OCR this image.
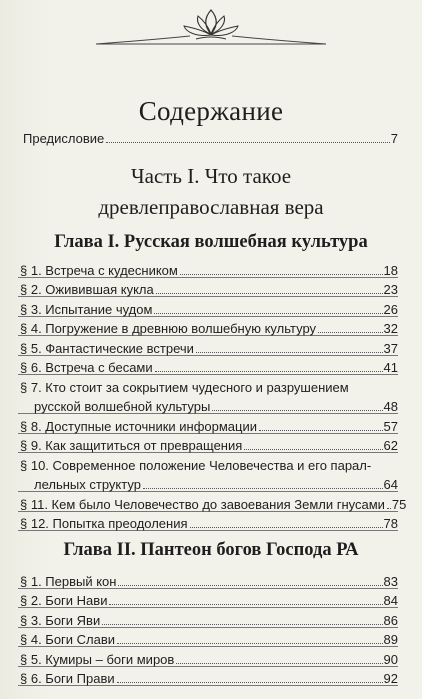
Содержание
Предисловие	7
Часть I. Что такое
древлеправославная вера
Глава I. Русская волшебная культура
§ 1. Встреча с кудесником	18
§ 2. Оживившая кукла	23
§ 3. Испытание чудом	26
§ 4. Погружение в древнюю волшебную культуру	32
§ 5. Фантастические встречи	37
§ 6. Встреча с бесами	41
§ 7. Кто стоит за сокрытием чудесного и разрушением
русской волшебной культуры	48
§ 8. Доступные источники информации	57
§ 9. Как защититься от превращения	62
§ 10. Современное положение Человечества и его парал-
лельных структур	64
§ 11. Кем было Человечество до завоевания Земли гнусами 75
§ 12. Попытка преодоления	78
Глава II. Пантеон богов Господа РА
§ 1. Первый кон	83
§ 2. Боги Нави	84
§ 3. Боги Яви	86
§ 4. Боги Слави	89
§ 5. Кумиры – боги миров	90
§ 6. Боги Прави	92
